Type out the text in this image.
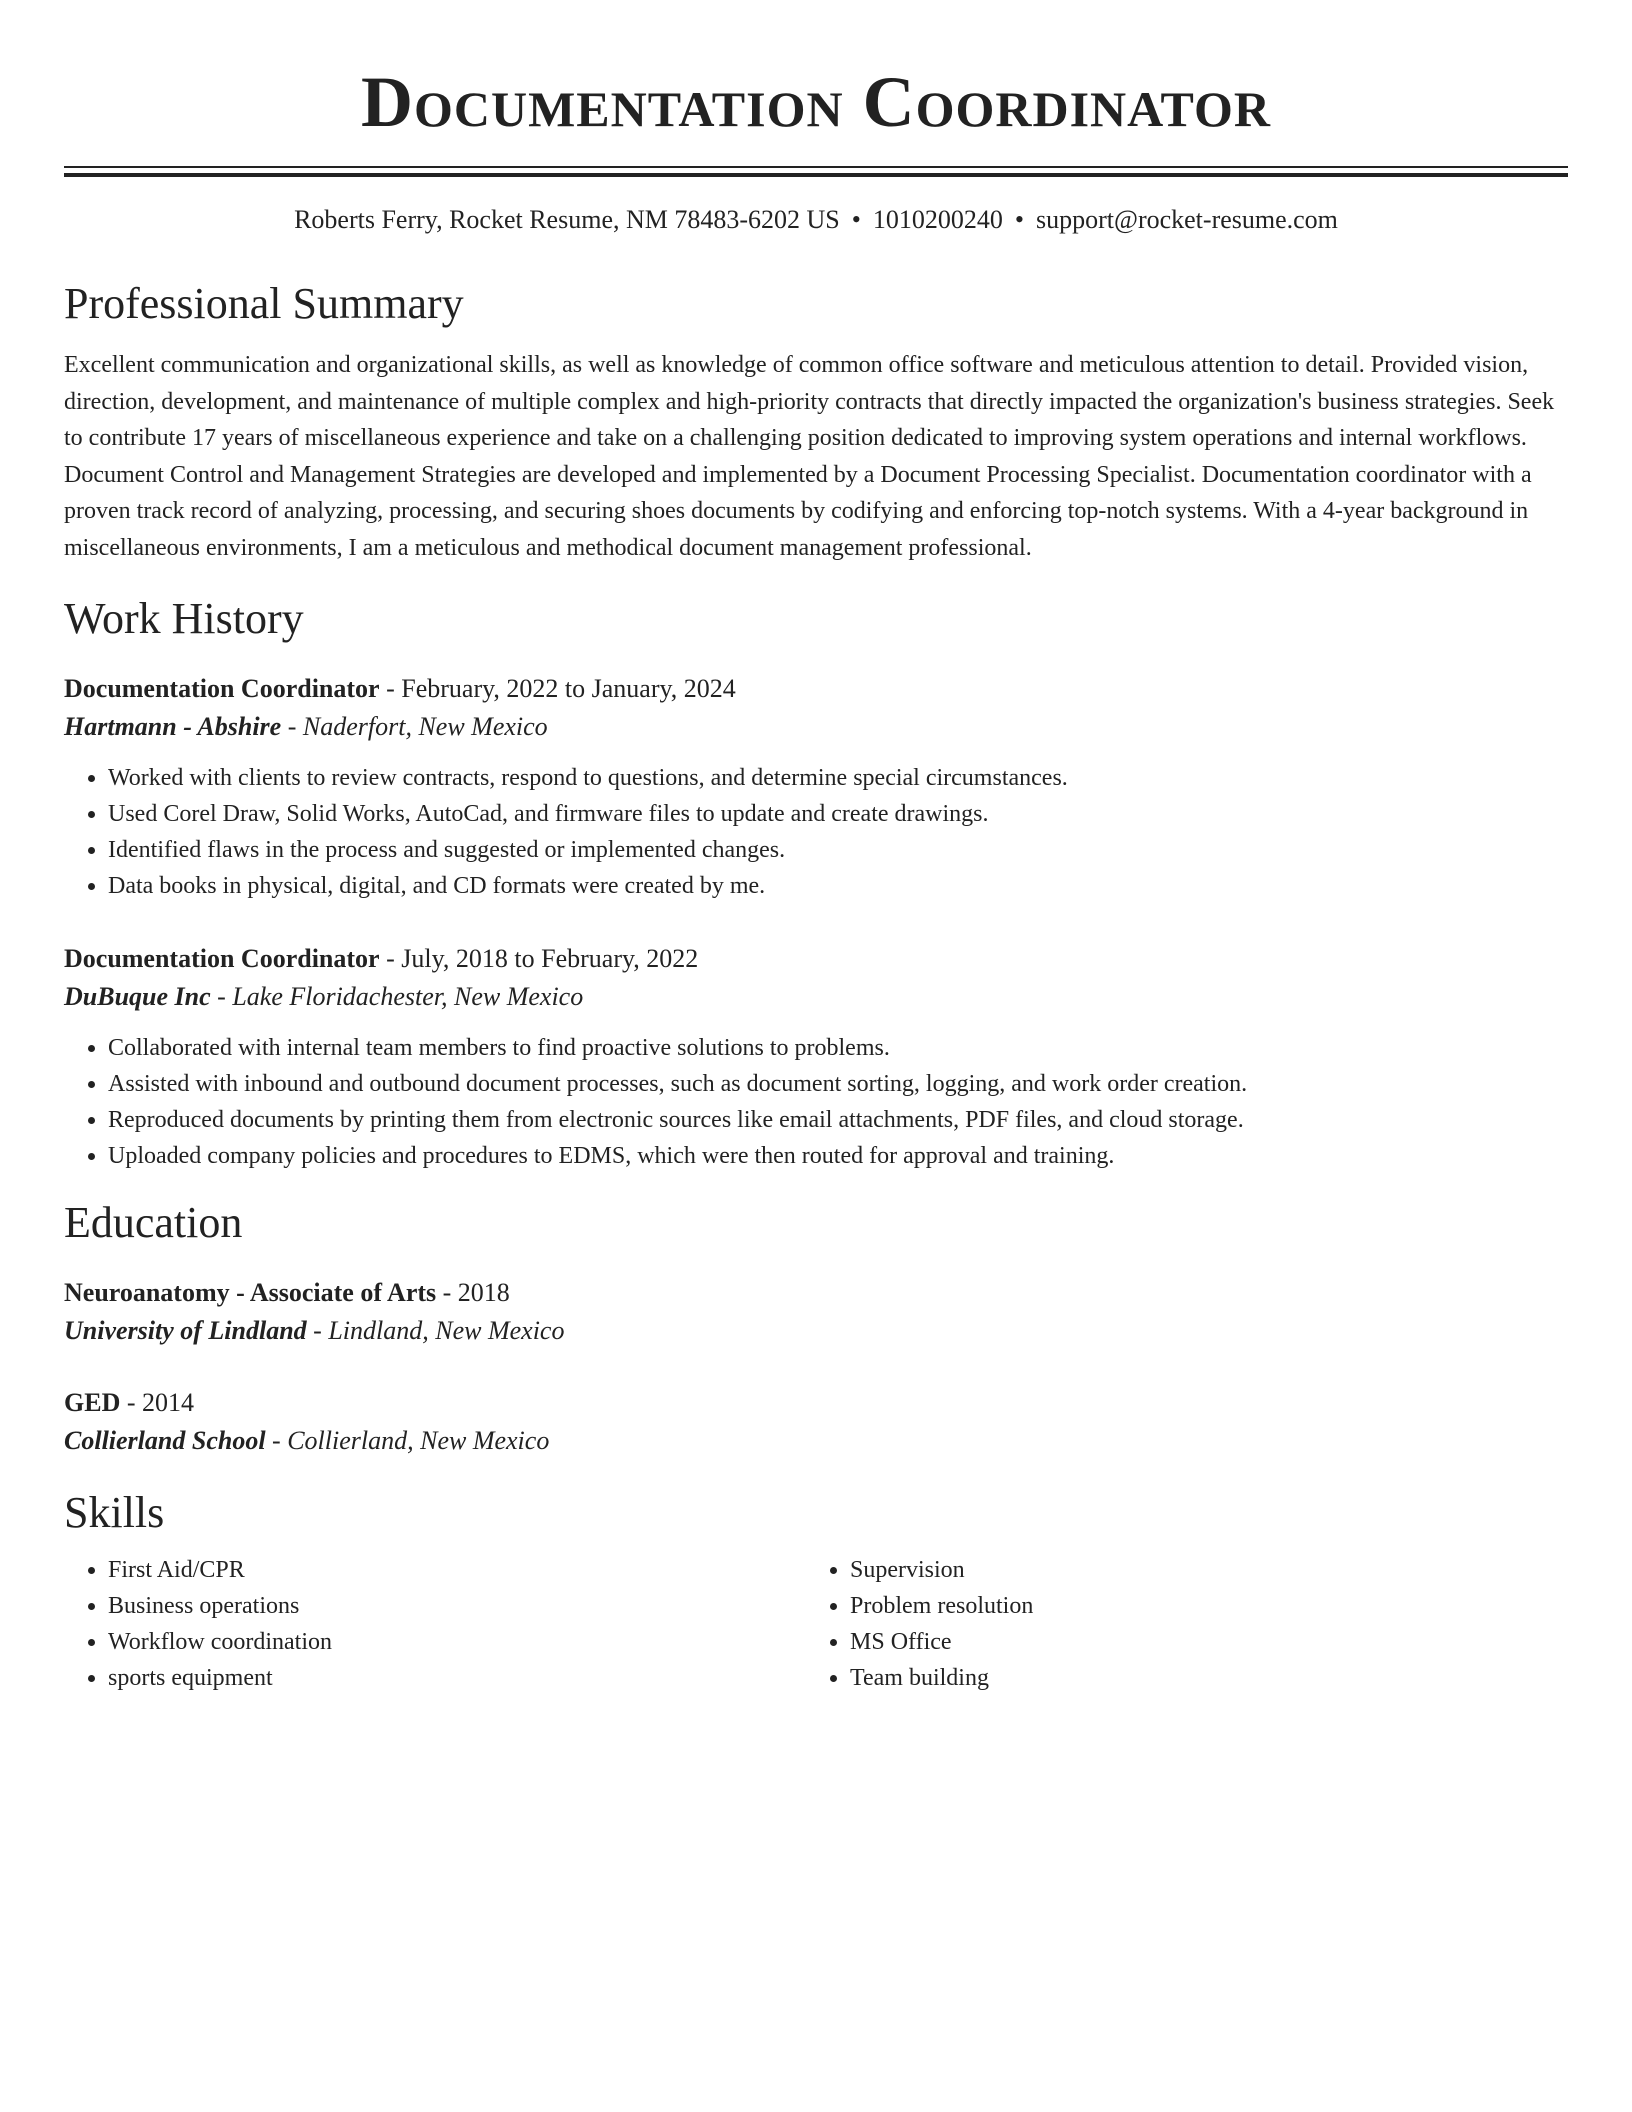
Documentation Coordinator
Roberts Ferry, Rocket Resume, NM 78483-6202 US • 1010200240 • support@rocket-resume.com
Professional Summary

Excellent communication and organizational skills, as well as knowledge of common office software and meticulous attention to detail. Provided vision, direction, development, and maintenance of multiple complex and high-priority contracts that directly impacted the organization's business strategies. Seek to contribute 17 years of miscellaneous experience and take on a challenging position dedicated to improving system operations and internal workflows. Document Control and Management Strategies are developed and implemented by a Document Processing Specialist. Documentation coordinator with a proven track record of analyzing, processing, and securing shoes documents by codifying and enforcing top-notch systems. With a 4-year background in miscellaneous environments, I am a meticulous and methodical document management professional.

Work History
Documentation Coordinator - February, 2022 to January, 2024
Hartmann - Abshire - Naderfort, New Mexico
• Worked with clients to review contracts, respond to questions, and determine special circumstances.
• Used Corel Draw, Solid Works, AutoCad, and firmware files to update and create drawings.
• Identified flaws in the process and suggested or implemented changes.
• Data books in physical, digital, and CD formats were created by me.
Documentation Coordinator - July, 2018 to February, 2022
DuBuque Inc - Lake Floridachester, New Mexico
• Collaborated with internal team members to find proactive solutions to problems.
• Assisted with inbound and outbound document processes, such as document sorting, logging, and work order creation.
• Reproduced documents by printing them from electronic sources like email attachments, PDF files, and cloud storage.
• Uploaded company policies and procedures to EDMS, which were then routed for approval and training.
Education
Neuroanatomy - Associate of Arts - 2018
University of Lindland - Lindland, New Mexico
GED - 2014
Collierland School - Collierland, New Mexico
Skills
• First Aid/CPR
• Business operations
• Workflow coordination
• sports equipment
• Supervision
• Problem resolution
• MS Office
• Team building
